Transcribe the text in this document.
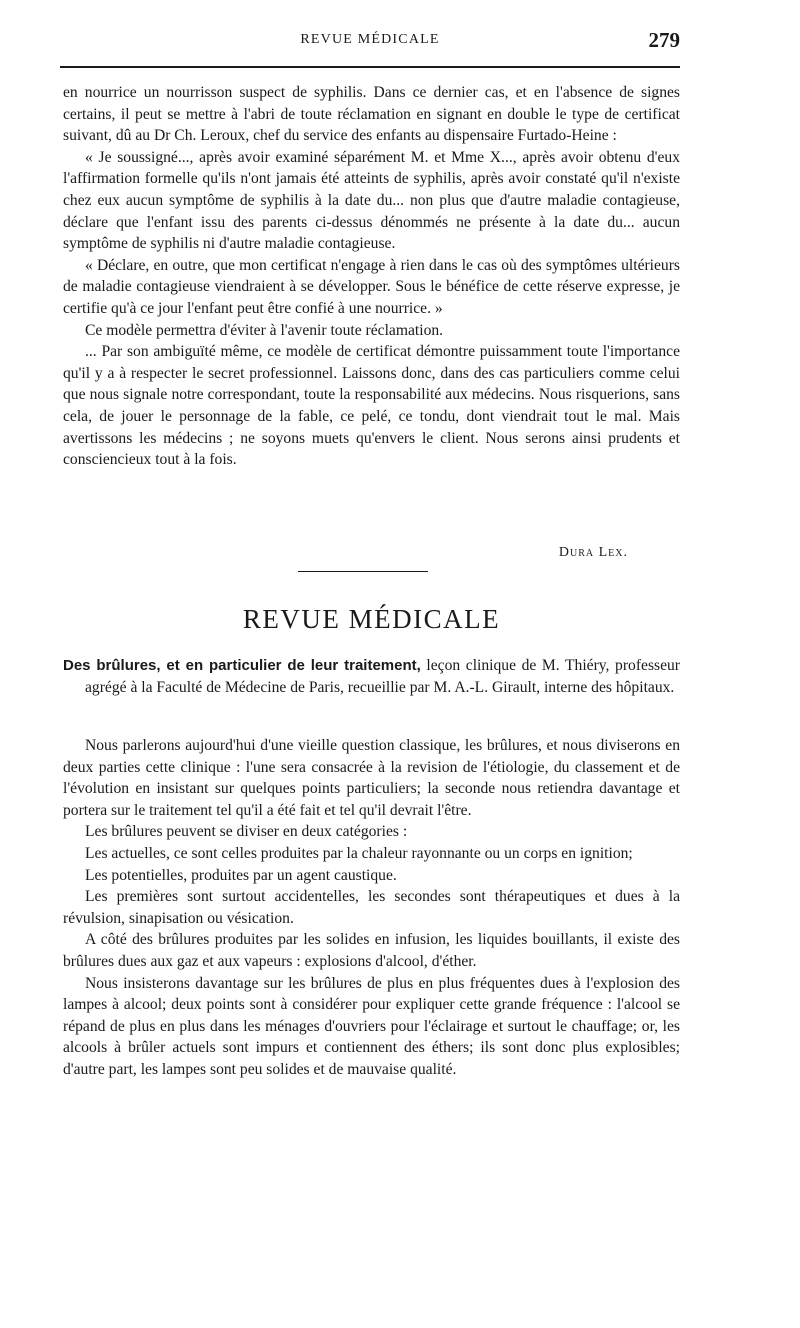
REVUE MÉDICALE	279

en nourrice un nourrisson suspect de syphilis. Dans ce dernier cas, et en l'absence de signes certains, il peut se mettre à l'abri de toute réclamation en signant en double le type de certificat suivant, dû au Dr Ch. Leroux, chef du service des enfants au dispensaire Furtado-Heine :

« Je soussigné..., après avoir examiné séparément M. et Mme X..., après avoir obtenu d'eux l'affirmation formelle qu'ils n'ont jamais été atteints de syphilis, après avoir constaté qu'il n'existe chez eux aucun symptôme de syphilis à la date du... non plus que d'autre maladie contagieuse, déclare que l'enfant issu des parents ci-dessus dénommés ne présente à la date du... aucun symptôme de syphilis ni d'autre maladie contagieuse.

« Déclare, en outre, que mon certificat n'engage à rien dans le cas où des symptômes ultérieurs de maladie contagieuse viendraient à se développer. Sous le bénéfice de cette réserve expresse, je certifie qu'à ce jour l'enfant peut être confié à une nourrice. »

Ce modèle permettra d'éviter à l'avenir toute réclamation.

... Par son ambiguïté même, ce modèle de certificat démontre puissamment toute l'importance qu'il y a à respecter le secret professionnel. Laissons donc, dans des cas particuliers comme celui que nous signale notre correspondant, toute la responsabilité aux médecins. Nous risquerions, sans cela, de jouer le personnage de la fable, ce pelé, ce tondu, dont viendrait tout le mal. Mais avertissons les médecins ; ne soyons muets qu'envers le client. Nous serons ainsi prudents et consciencieux tout à la fois.

Dura Lex.
REVUE MÉDICALE
Des brûlures, et en particulier de leur traitement, leçon clinique de M. Thiéry, professeur agrégé à la Faculté de Médecine de Paris, recueillie par M. A.-L. Girault, interne des hôpitaux.

Nous parlerons aujourd'hui d'une vieille question classique, les brûlures, et nous diviserons en deux parties cette clinique : l'une sera consacrée à la revision de l'étiologie, du classement et de l'évolution en insistant sur quelques points particuliers; la seconde nous retiendra davantage et portera sur le traitement tel qu'il a été fait et tel qu'il devrait l'être.

Les brûlures peuvent se diviser en deux catégories :

Les actuelles, ce sont celles produites par la chaleur rayonnante ou un corps en ignition;

Les potentielles, produites par un agent caustique.

Les premières sont surtout accidentelles, les secondes sont thérapeutiques et dues à la révulsion, sinapisation ou vésication.

A côté des brûlures produites par les solides en infusion, les liquides bouillants, il existe des brûlures dues aux gaz et aux vapeurs : explosions d'alcool, d'éther.

Nous insisterons davantage sur les brûlures de plus en plus fréquentes dues à l'explosion des lampes à alcool; deux points sont à considérer pour expliquer cette grande fréquence : l'alcool se répand de plus en plus dans les ménages d'ouvriers pour l'éclairage et surtout le chauffage; or, les alcools à brûler actuels sont impurs et contiennent des éthers; ils sont donc plus explosibles; d'autre part, les lampes sont peu solides et de mauvaise qualité.
